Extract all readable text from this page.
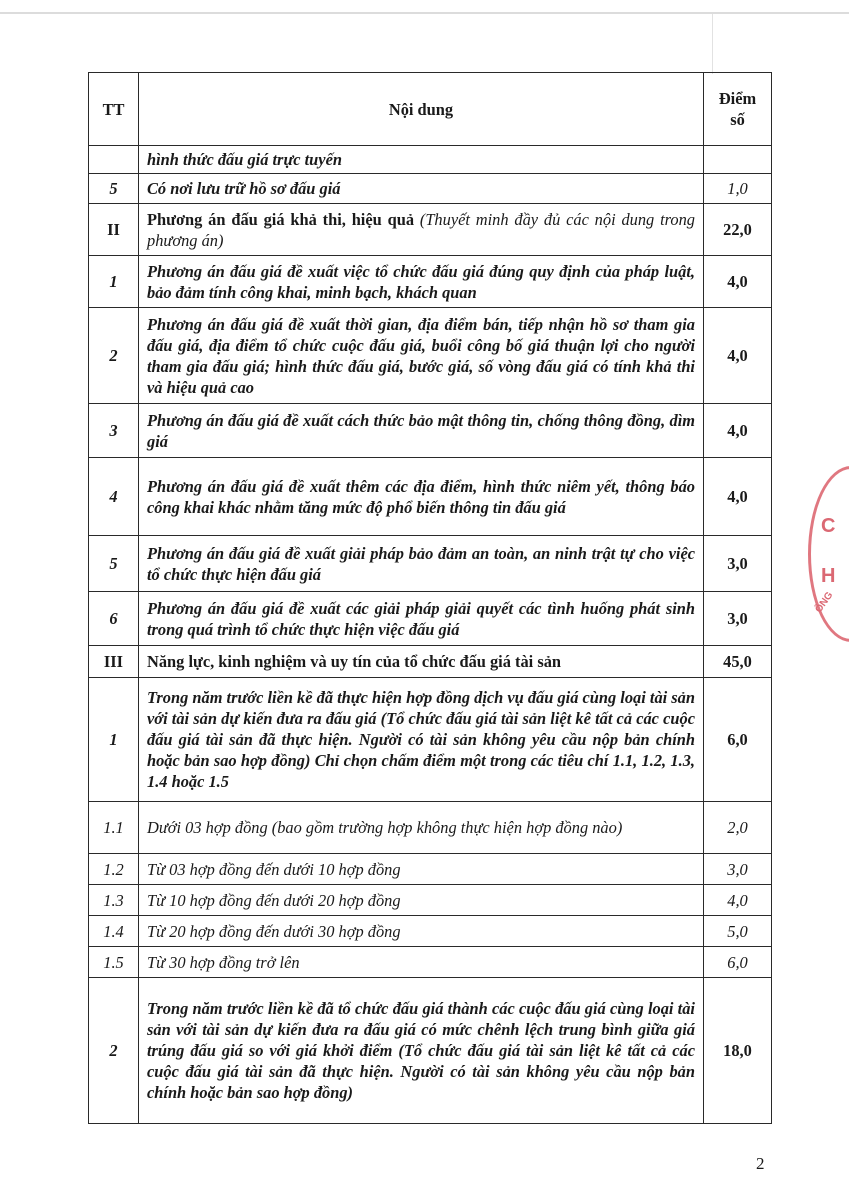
TT	Nội dung	Điểm số
	hình thức đấu giá trực tuyến	
5	Có nơi lưu trữ hồ sơ đấu giá	1,0
II	Phương án đấu giá khả thi, hiệu quả (Thuyết minh đầy đủ các nội dung trong phương án)	22,0
1	Phương án đấu giá đề xuất việc tổ chức đấu giá đúng quy định của pháp luật, bảo đảm tính công khai, minh bạch, khách quan	4,0
2	Phương án đấu giá đề xuất thời gian, địa điểm bán, tiếp nhận hồ sơ tham gia đấu giá, địa điểm tổ chức cuộc đấu giá, buổi công bố giá thuận lợi cho người tham gia đấu giá; hình thức đấu giá, bước giá, số vòng đấu giá có tính khả thi và hiệu quả cao	4,0
3	Phương án đấu giá đề xuất cách thức bảo mật thông tin, chống thông đồng, dìm giá	4,0
4	Phương án đấu giá đề xuất thêm các địa điểm, hình thức niêm yết, thông báo công khai khác nhằm tăng mức độ phổ biến thông tin đấu giá	4,0
5	Phương án đấu giá đề xuất giải pháp bảo đảm an toàn, an ninh trật tự cho việc tổ chức thực hiện đấu giá	3,0
6	Phương án đấu giá đề xuất các giải pháp giải quyết các tình huống phát sinh trong quá trình tổ chức thực hiện việc đấu giá	3,0
III	Năng lực, kinh nghiệm và uy tín của tổ chức đấu giá tài sản	45,0
1	Trong năm trước liền kề đã thực hiện hợp đồng dịch vụ đấu giá cùng loại tài sản với tài sản dự kiến đưa ra đấu giá (Tổ chức đấu giá tài sản liệt kê tất cả các cuộc đấu giá tài sản đã thực hiện. Người có tài sản không yêu cầu nộp bản chính hoặc bản sao hợp đồng) Chỉ chọn chấm điểm một trong các tiêu chí 1.1, 1.2, 1.3, 1.4 hoặc 1.5	6,0
1.1	Dưới 03 hợp đồng (bao gồm trường hợp không thực hiện hợp đồng nào)	2,0
1.2	Từ 03 hợp đồng đến dưới 10 hợp đồng	3,0
1.3	Từ 10 hợp đồng đến dưới 20 hợp đồng	4,0
1.4	Từ 20 hợp đồng đến dưới 30 hợp đồng	5,0
1.5	Từ 30 hợp đồng trở lên	6,0
2	Trong năm trước liền kề đã tổ chức đấu giá thành các cuộc đấu giá cùng loại tài sản với tài sản dự kiến đưa ra đấu giá có mức chênh lệch trung bình giữa giá trúng đấu giá so với giá khởi điểm (Tổ chức đấu giá tài sản liệt kê tất cả các cuộc đấu giá tài sản đã thực hiện. Người có tài sản không yêu cầu nộp bản chính hoặc bản sao hợp đồng)	18,0
2
C
H
ÔNG
